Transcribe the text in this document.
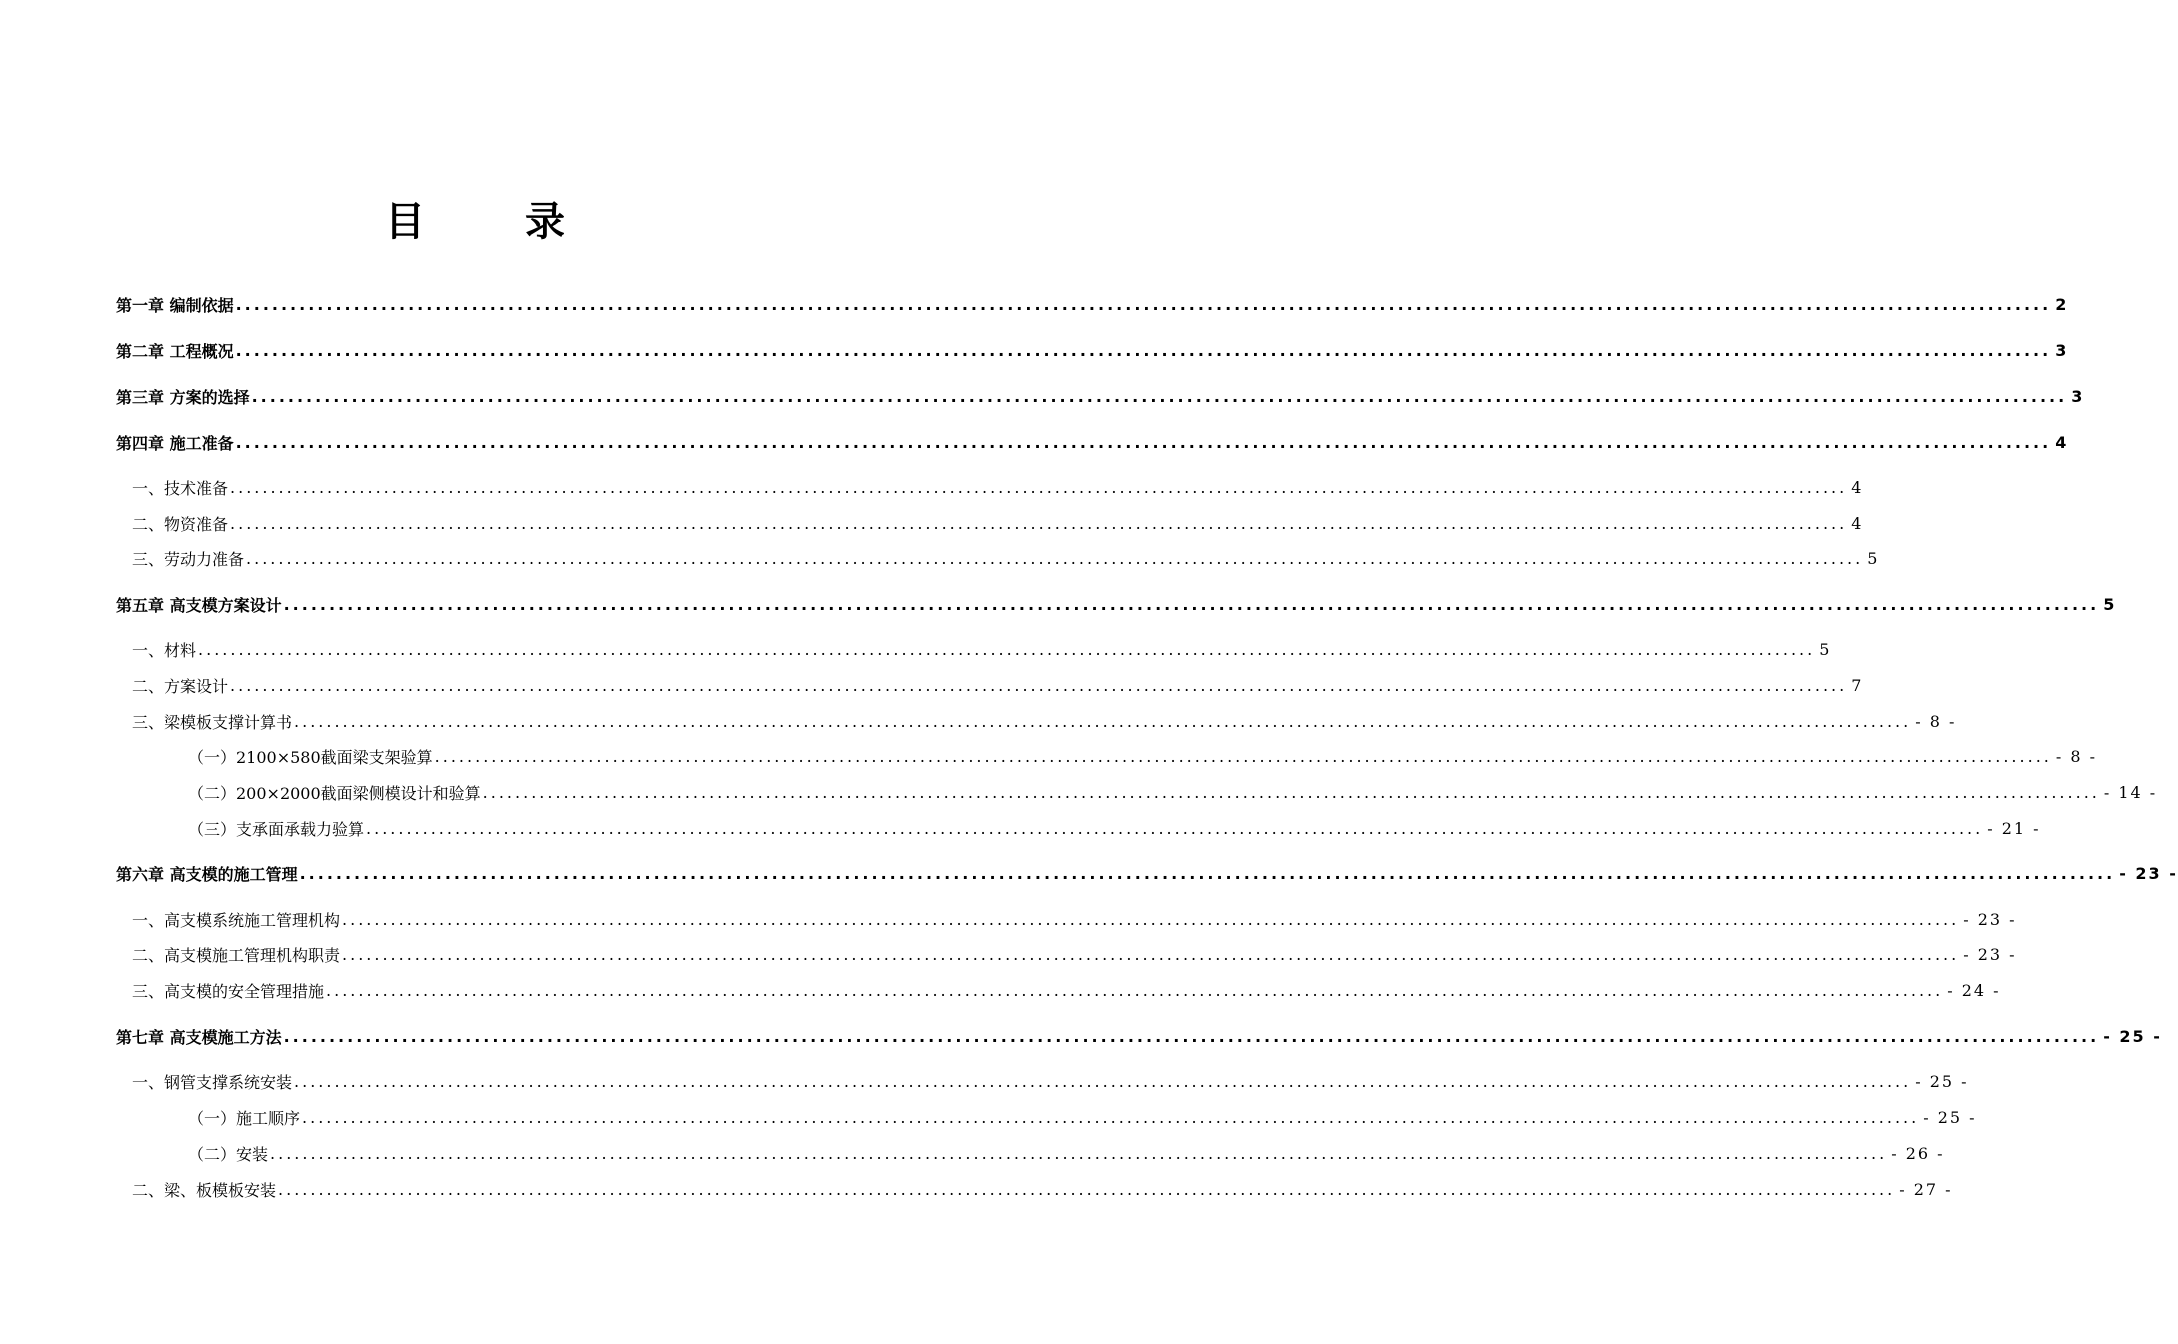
目	录
第一章 编制依据 ........................................................................................................................................................................................................ 2
第二章 工程概况 ........................................................................................................................................................................................................ 3
第三章 方案的选择 ........................................................................................................................................................................................................ 3
第四章 施工准备 ........................................................................................................................................................................................................ 4
一、技术准备 ........................................................................................................................................................................................................ 4
二、物资准备 ........................................................................................................................................................................................................ 4
三、劳动力准备 ........................................................................................................................................................................................................ 5
第五章 高支模方案设计 ........................................................................................................................................................................................................ 5
一、材料 ........................................................................................................................................................................................................ 5
二、方案设计 ........................................................................................................................................................................................................ 7
三、梁模板支撑计算书 ........................................................................................................................................................................................................ - 8 -
（一）2100×580截面梁支架验算 ........................................................................................................................................................................................................ - 8 -
（二）200×2000截面梁侧模设计和验算 ........................................................................................................................................................................................................ - 14 -
（三）支承面承载力验算 ........................................................................................................................................................................................................ - 21 -
第六章 高支模的施工管理 ........................................................................................................................................................................................................ - 23 -
一、高支模系统施工管理机构 ........................................................................................................................................................................................................ - 23 -
二、高支模施工管理机构职责 ........................................................................................................................................................................................................ - 23 -
三、高支模的安全管理措施 ........................................................................................................................................................................................................ - 24 -
第七章 高支模施工方法 ........................................................................................................................................................................................................ - 25 -
一、钢管支撑系统安装 ........................................................................................................................................................................................................ - 25 -
（一）施工顺序 ........................................................................................................................................................................................................ - 25 -
（二）安装 ........................................................................................................................................................................................................ - 26 -
二、梁、板模板安装 ........................................................................................................................................................................................................ - 27 -
